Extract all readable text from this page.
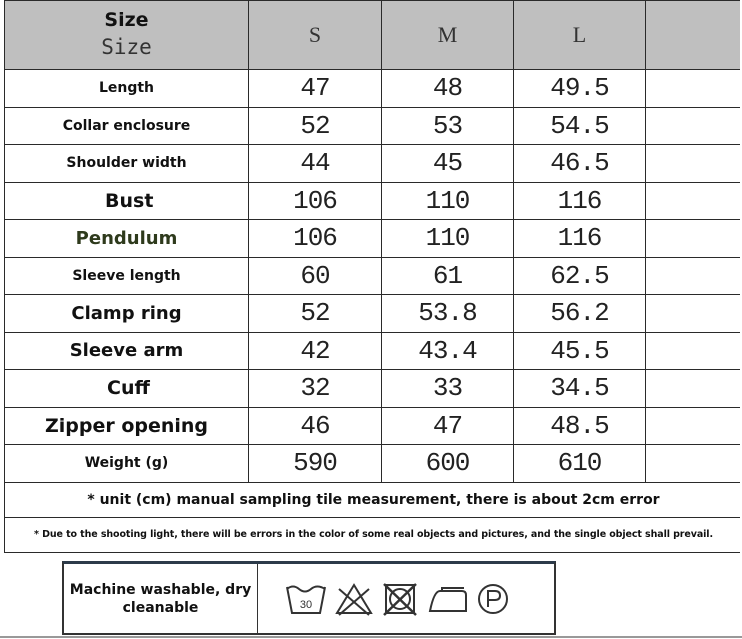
Size
Size	S	M	L	
Length	47	48	49.5	
Collar enclosure	52	53	54.5	
Shoulder width	44	45	46.5	
Bust	106	110	116	
Pendulum	106	110	116	
Sleeve length	60	61	62.5	
Clamp ring	52	53.8	56.2	
Sleeve arm	42	43.4	45.5	
Cuff	32	33	34.5	
Zipper opening	46	47	48.5	
Weight (g)	590	600	610	
* unit (cm) manual sampling tile measurement, there is about 2cm error				
* Due to the shooting light, there will be errors in the color of some real objects and pictures, and the single object shall prevail.				
Machine washable, dry
cleanable	30
